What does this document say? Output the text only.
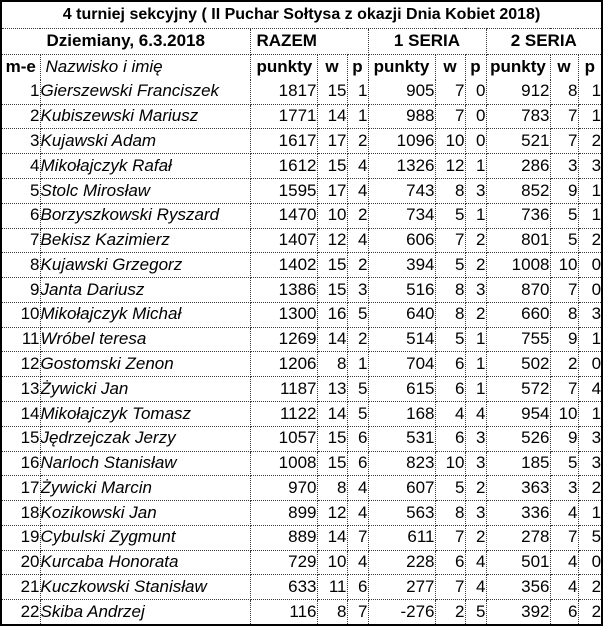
4 turniej sekcyjny ( II Puchar Sołtysa z okazji Dnia Kobiet 2018)										
Dziemiany, 6.3.2018		RAZEM			1 SERIA			2 SERIA		
m-e	Nazwisko i imię	punkty	w	p	punkty	w	p	punkty	w	p
1	Gierszewski Franciszek	1817	15	1	905	7	0	912	8	1
2	Kubiszewski Mariusz	1771	14	1	988	7	0	783	7	1
3	Kujawski Adam	1617	17	2	1096	10	0	521	7	2
4	Mikołajczyk Rafał	1612	15	4	1326	12	1	286	3	3
5	Stolc Mirosław	1595	17	4	743	8	3	852	9	1
6	Borzyszkowski Ryszard	1470	10	2	734	5	1	736	5	1
7	Bekisz Kazimierz	1407	12	4	606	7	2	801	5	2
8	Kujawski Grzegorz	1402	15	2	394	5	2	1008	10	0
9	Janta Dariusz	1386	15	3	516	8	3	870	7	0
10	Mikołajczyk Michał	1300	16	5	640	8	2	660	8	3
11	Wróbel teresa	1269	14	2	514	5	1	755	9	1
12	Gostomski Zenon	1206	8	1	704	6	1	502	2	0
13	Żywicki Jan	1187	13	5	615	6	1	572	7	4
14	Mikołajczyk Tomasz	1122	14	5	168	4	4	954	10	1
15	Jędrzejczak Jerzy	1057	15	6	531	6	3	526	9	3
16	Narloch Stanisław	1008	15	6	823	10	3	185	5	3
17	Żywicki Marcin	970	8	4	607	5	2	363	3	2
18	Kozikowski Jan	899	12	4	563	8	3	336	4	1
19	Cybulski Zygmunt	889	14	7	611	7	2	278	7	5
20	Kurcaba Honorata	729	10	4	228	6	4	501	4	0
21	Kuczkowski Stanisław	633	11	6	277	7	4	356	4	2
22	Skiba Andrzej	116	8	7	-276	2	5	392	6	2
